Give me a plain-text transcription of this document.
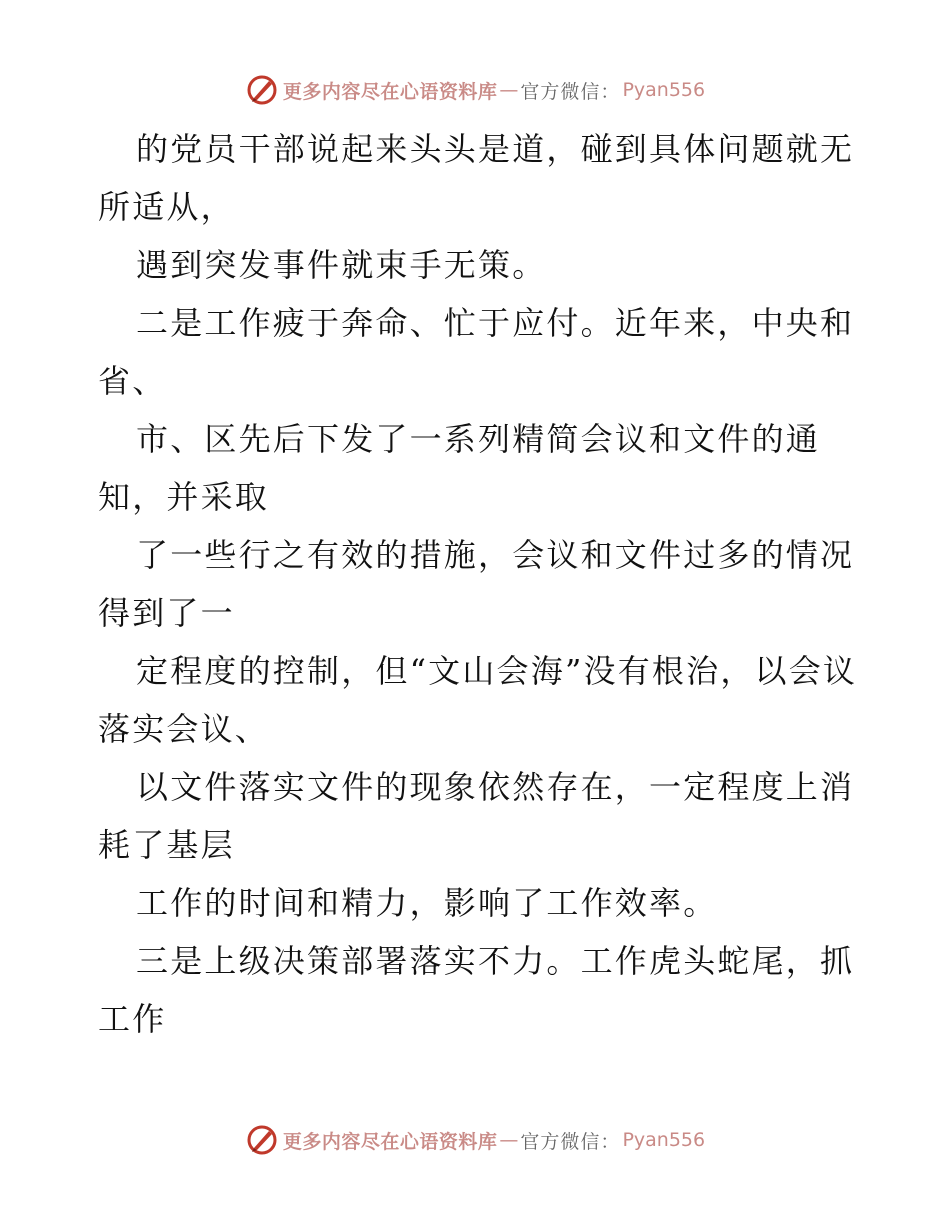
更多内容尽在心语资料库 — 官方微信： Pyan556

的党员干部说起来头头是道，碰到具体问题就无所适从，

遇到突发事件就束手无策。

二是工作疲于奔命、忙于应付。近年来，中央和省、

市、区先后下发了一系列精简会议和文件的通知，并采取

了一些行之有效的措施，会议和文件过多的情况得到了一

定程度的控制，但“文山会海”没有根治，以会议落实会议、

以文件落实文件的现象依然存在，一定程度上消耗了基层

工作的时间和精力，影响了工作效率。

三是上级决策部署落实不力。工作虎头蛇尾，抓工作

更多内容尽在心语资料库 — 官方微信： Pyan556
